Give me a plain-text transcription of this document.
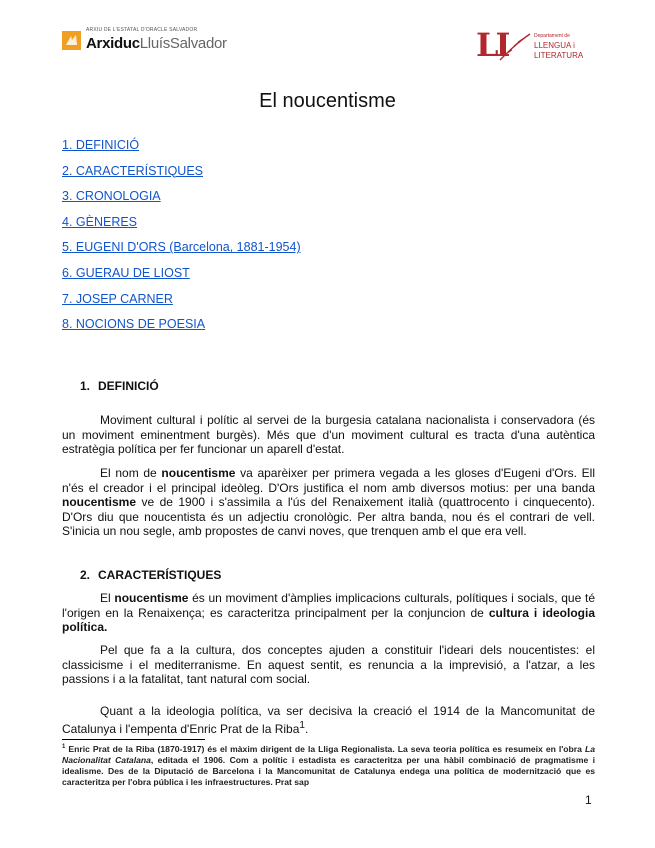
ARXIU DE L'ESTATAL D'ORACLE SALVADOR
ArxiducLluísSalvador	LI	Departament de
LLENGUA i
LITERATURA
El noucentisme
1. DEFINICIÓ
2. CARACTERÍSTIQUES
3. CRONOLOGIA
4. GÈNERES
5. EUGENI D'ORS (Barcelona, 1881-1954)
6. GUERAU DE LIOST
7. JOSEP CARNER
8. NOCIONS DE POESIA
1. DEFINICIÓ
Moviment cultural i polític al servei de la burgesia catalana nacionalista i conservadora (és un moviment eminentment burgès). Més que d'un moviment cultural es tracta d'una autèntica estratègia política per fer funcionar un aparell d'estat.
El nom de noucentisme va aparèixer per primera vegada a les gloses d'Eugeni d'Ors. Ell n'és el creador i el principal ideòleg. D'Ors justifica el nom amb diversos motius: per una banda noucentisme ve de 1900 i s'assimila a l'ús del Renaixement italià (quattrocento i cinquecento). D'Ors diu que noucentista és un adjectiu cronològic. Per altra banda, nou és el contrari de vell. S'inicia un nou segle, amb propostes de canvi noves, que trenquen amb el que era vell.
2. CARACTERÍSTIQUES
El noucentisme és un moviment d'àmplies implicacions culturals, polítiques i socials, que té l'origen en la Renaixença; es caracteritza principalment per la conjuncion de cultura i ideologia política.
Pel que fa a la cultura, dos conceptes ajuden a constituir l'ideari dels noucentistes: el classicisme i el mediterranisme. En aquest sentit, es renuncia a la imprevisió, a l'atzar, a les passions i a la fatalitat, tant natural com social.
Quant a la ideologia política, va ser decisiva la creació el 1914 de la Mancomunitat de Catalunya i l'empenta d'Enric Prat de la Riba$^1$.
$^1$ Enric Prat de la Riba (1870-1917) és el màxim dirigent de la Lliga Regionalista. La seva teoria política es resumeix en l'obra La Nacionalitat Catalana, editada el 1906. Com a polític i estadista es caracteritza per una hàbil combinació de pragmatisme i idealisme. Des de la Diputació de Barcelona i la Mancomunitat de Catalunya endega una política de modernització que es caracteritza per l'obra pública i les infraestructures. Prat sap
1
